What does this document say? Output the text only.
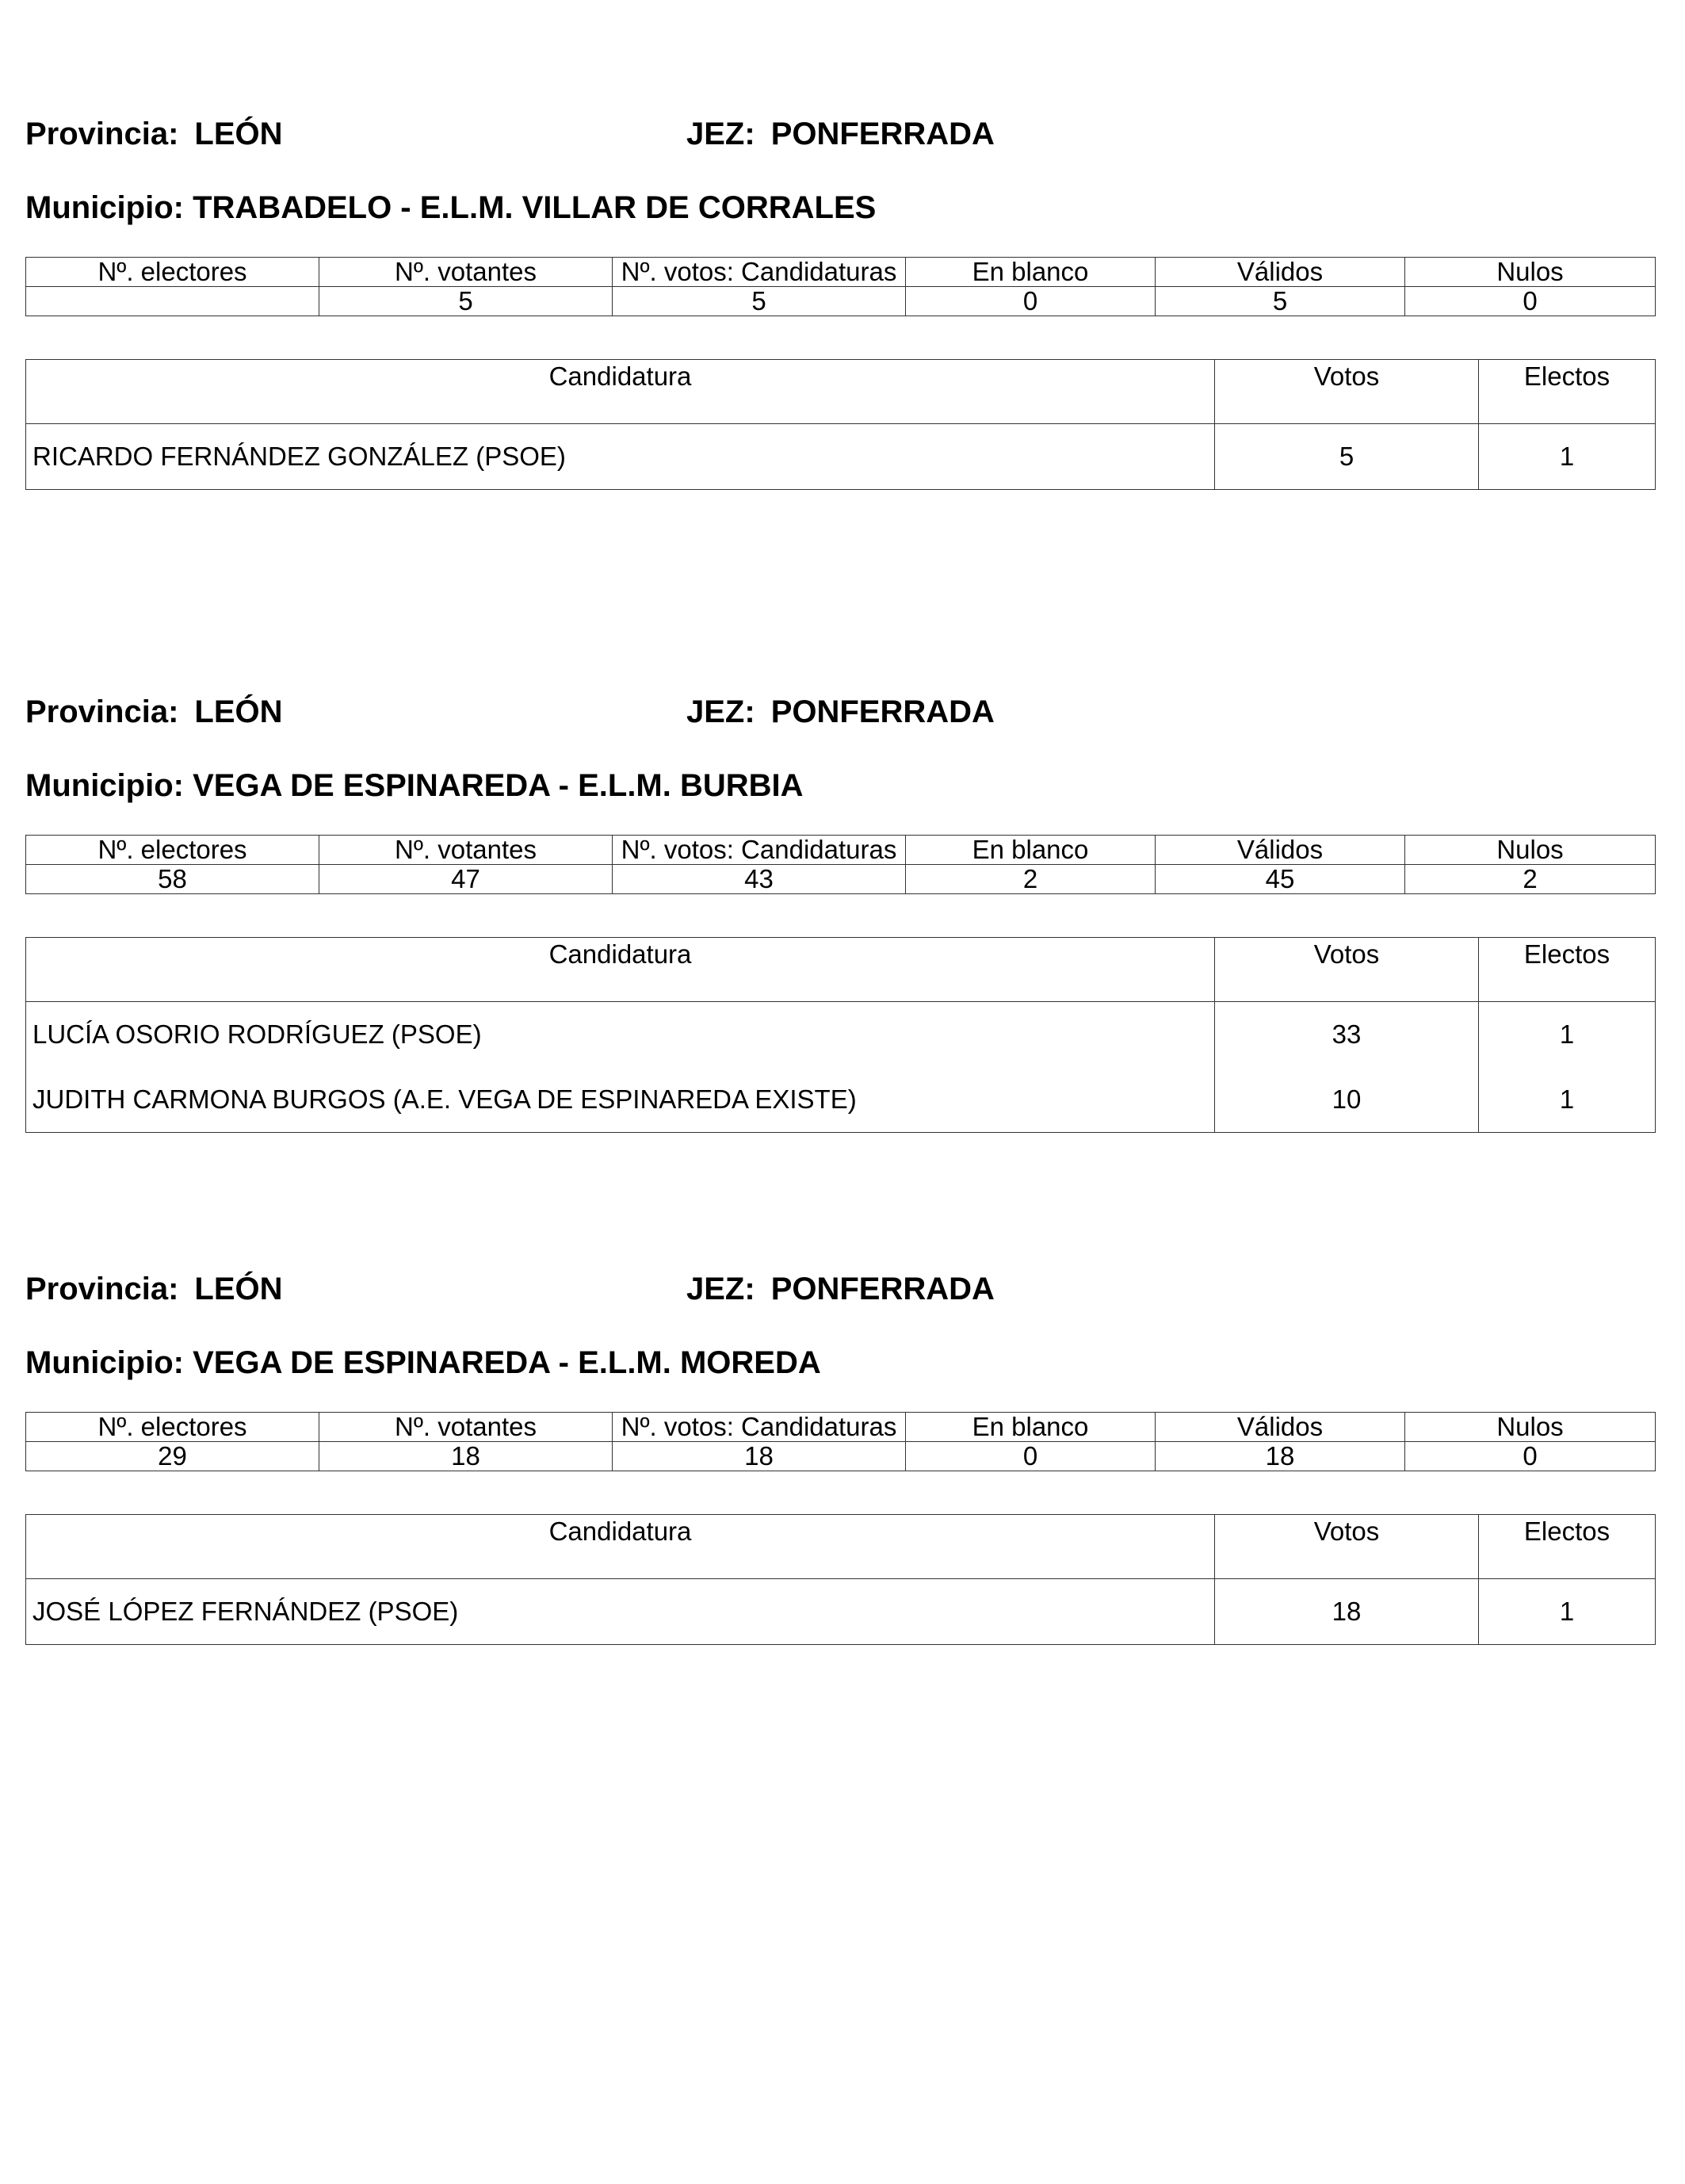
Provincia: LEÓN	JEZ: PONFERRADA
Municipio: TRABADELO - E.L.M. VILLAR DE CORRALES
Nº. electores	Nº. votantes	Nº. votos: Candidaturas	En blanco	Válidos	Nulos
	5	5	0	5	0
Candidatura	Votos	Electos
RICARDO FERNÁNDEZ GONZÁLEZ (PSOE)	5	1
Provincia: LEÓN	JEZ: PONFERRADA
Municipio: VEGA DE ESPINAREDA - E.L.M. BURBIA
Nº. electores	Nº. votantes	Nº. votos: Candidaturas	En blanco	Válidos	Nulos
58	47	43	2	45	2
Candidatura	Votos	Electos
LUCÍA OSORIO RODRÍGUEZ (PSOE)	33	1
JUDITH CARMONA BURGOS (A.E. VEGA DE ESPINAREDA EXISTE)	10	1
Provincia: LEÓN	JEZ: PONFERRADA
Municipio: VEGA DE ESPINAREDA - E.L.M. MOREDA
Nº. electores	Nº. votantes	Nº. votos: Candidaturas	En blanco	Válidos	Nulos
29	18	18	0	18	0
Candidatura	Votos	Electos
JOSÉ LÓPEZ FERNÁNDEZ (PSOE)	18	1
